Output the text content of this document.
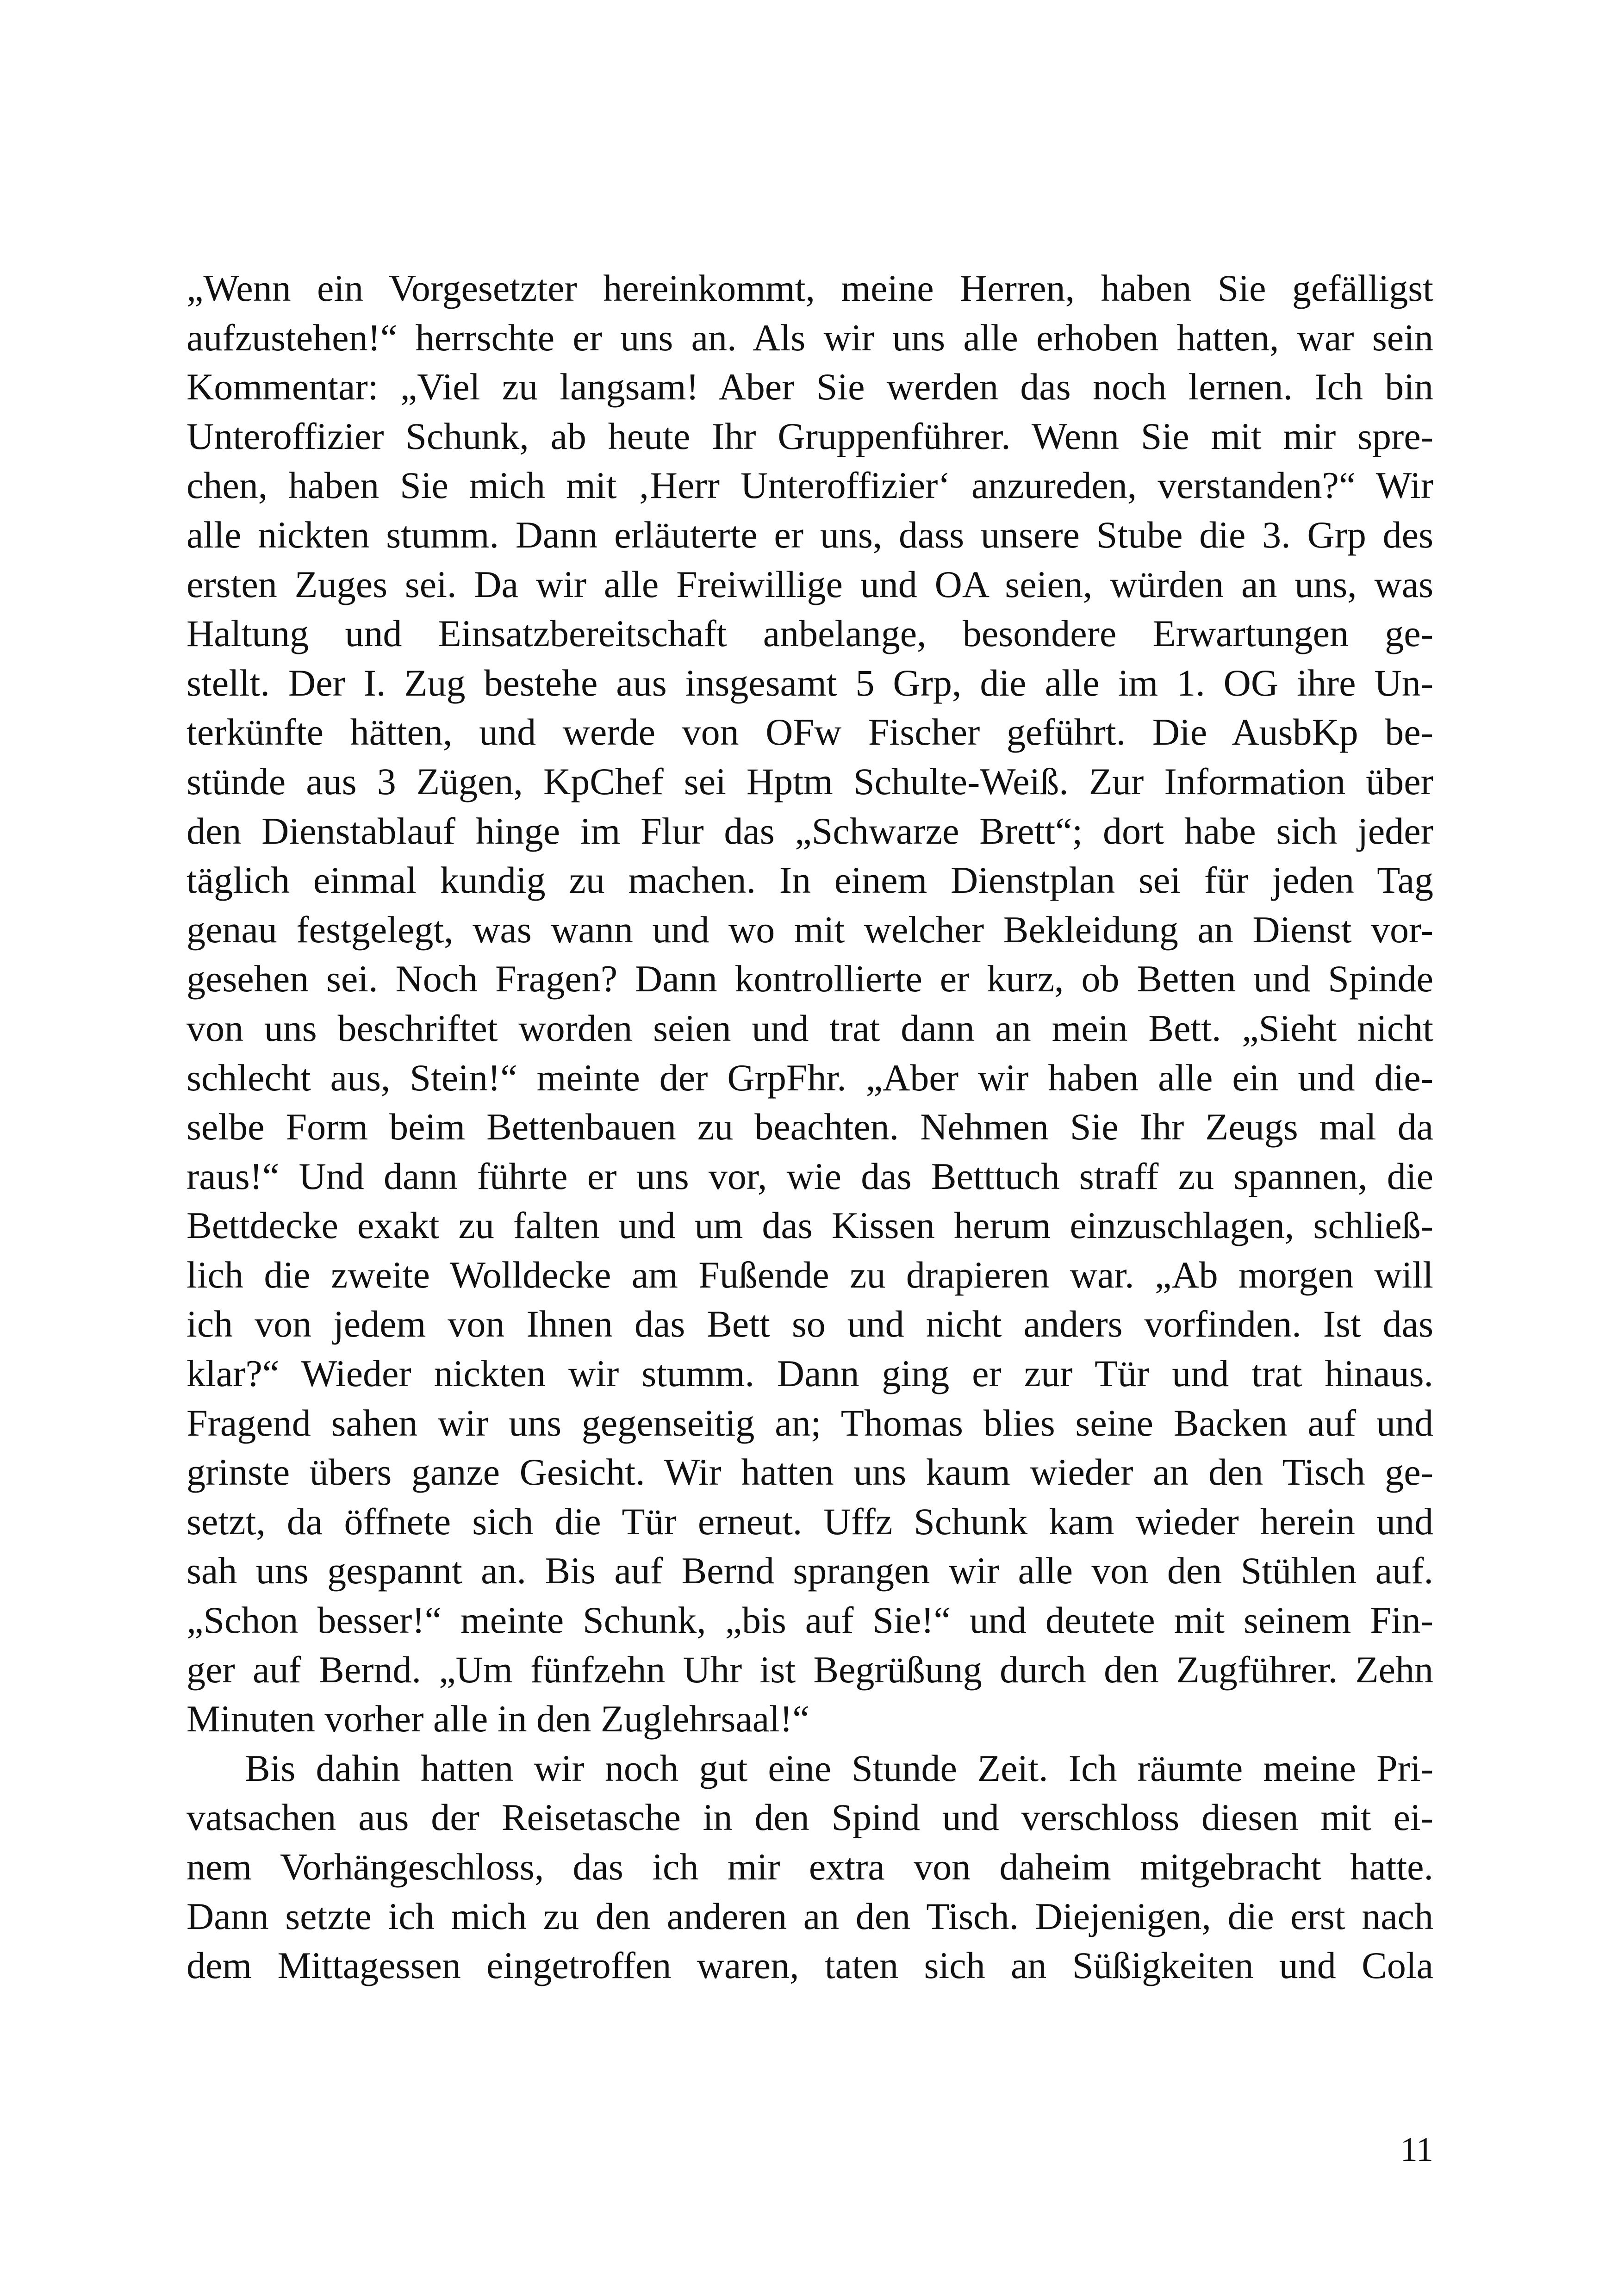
„Wenn ein Vorgesetzter hereinkommt, meine Herren, haben Sie gefälligst
aufzustehen!“ herrschte er uns an. Als wir uns alle erhoben hatten, war sein
Kommentar: „Viel zu langsam! Aber Sie werden das noch lernen. Ich bin
Unteroffizier Schunk, ab heute Ihr Gruppenführer. Wenn Sie mit mir spre-
chen, haben Sie mich mit ‚Herr Unteroffizier‘ anzureden, verstanden?“ Wir
alle nickten stumm. Dann erläuterte er uns, dass unsere Stube die 3. Grp des
ersten Zuges sei. Da wir alle Freiwillige und OA seien, würden an uns, was
Haltung und Einsatzbereitschaft anbelange, besondere Erwartungen ge-
stellt. Der I. Zug bestehe aus insgesamt 5 Grp, die alle im 1. OG ihre Un-
terkünfte hätten, und werde von OFw Fischer geführt. Die AusbKp be-
stünde aus 3 Zügen, KpChef sei Hptm Schulte-Weiß. Zur Information über
den Dienstablauf hinge im Flur das „Schwarze Brett“; dort habe sich jeder
täglich einmal kundig zu machen. In einem Dienstplan sei für jeden Tag
genau festgelegt, was wann und wo mit welcher Bekleidung an Dienst vor-
gesehen sei. Noch Fragen? Dann kontrollierte er kurz, ob Betten und Spinde
von uns beschriftet worden seien und trat dann an mein Bett. „Sieht nicht
schlecht aus, Stein!“ meinte der GrpFhr. „Aber wir haben alle ein und die-
selbe Form beim Bettenbauen zu beachten. Nehmen Sie Ihr Zeugs mal da
raus!“ Und dann führte er uns vor, wie das Betttuch straff zu spannen, die
Bettdecke exakt zu falten und um das Kissen herum einzuschlagen, schließ-
lich die zweite Wolldecke am Fußende zu drapieren war. „Ab morgen will
ich von jedem von Ihnen das Bett so und nicht anders vorfinden. Ist das
klar?“ Wieder nickten wir stumm. Dann ging er zur Tür und trat hinaus.
Fragend sahen wir uns gegenseitig an; Thomas blies seine Backen auf und
grinste übers ganze Gesicht. Wir hatten uns kaum wieder an den Tisch ge-
setzt, da öffnete sich die Tür erneut. Uffz Schunk kam wieder herein und
sah uns gespannt an. Bis auf Bernd sprangen wir alle von den Stühlen auf.
„Schon besser!“ meinte Schunk, „bis auf Sie!“ und deutete mit seinem Fin-
ger auf Bernd. „Um fünfzehn Uhr ist Begrüßung durch den Zugführer. Zehn
Minuten vorher alle in den Zuglehrsaal!“
Bis dahin hatten wir noch gut eine Stunde Zeit. Ich räumte meine Pri-
vatsachen aus der Reisetasche in den Spind und verschloss diesen mit ei-
nem Vorhängeschloss, das ich mir extra von daheim mitgebracht hatte.
Dann setzte ich mich zu den anderen an den Tisch. Diejenigen, die erst nach
dem Mittagessen eingetroffen waren, taten sich an Süßigkeiten und Cola
11
